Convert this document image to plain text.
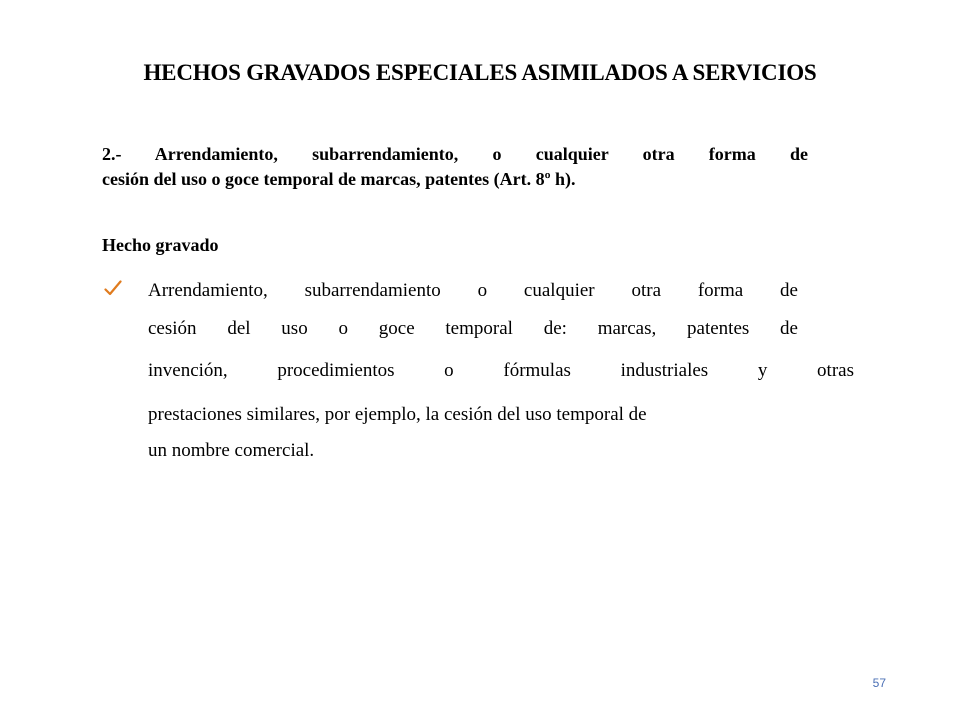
HECHOS GRAVADOS ESPECIALES ASIMILADOS A SERVICIOS
2.- Arrendamiento, subarrendamiento, o cualquier otra forma de
cesión del uso o goce temporal de marcas, patentes (Art. 8º h).
Hecho gravado
Arrendamiento, subarrendamiento o cualquier otra forma de
cesión del uso o goce temporal de: marcas, patentes de
invención, procedimientos o fórmulas industriales y otras
prestaciones similares, por ejemplo, la cesión del uso temporal de
un nombre comercial.
57
